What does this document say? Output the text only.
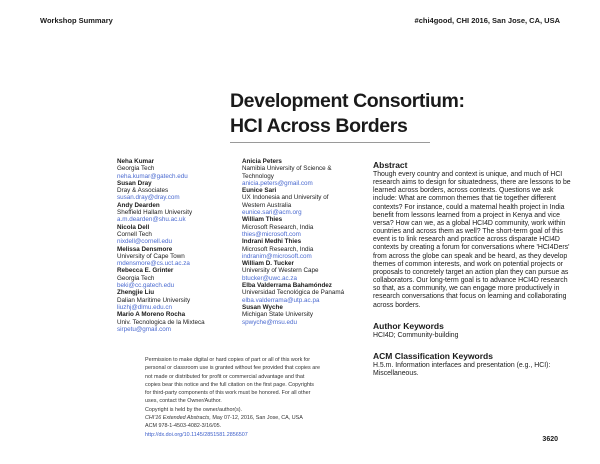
Workshop Summary	#chi4good, CHI 2016, San Jose, CA, USA
Development Consortium:
HCI Across Borders
Neha Kumar
Georgia Tech
neha.kumar@gatech.edu
Susan Dray
Dray & Associates
susan.dray@dray.com
Andy Dearden
Sheffield Hallam University
a.m.dearden@shu.ac.uk
Nicola Dell
Cornell Tech
nixdell@cornell.edu
Melissa Densmore
University of Cape Town
mdensmore@cs.uct.ac.za
Rebecca E. Grinter
Georgia Tech
beki@cc.gatech.edu
Zhengjie Liu
Dalian Maritime University
liuzhj@dlmu.edu.cn
Mario A Moreno Rocha
Univ. Tecnologica de la Mixteca
sirpetu@gmail.com
Anicia Peters
Namibia University of Science &
Technology
anicia.peters@gmail.com
Eunice Sari
UX Indonesia and University of
Western Australia
eunice.sari@acm.org
William Thies
Microsoft Research, India
thies@microsoft.com
Indrani Medhi Thies
Microsoft Research, India
indranim@microsoft.com
William D. Tucker
University of Western Cape
btucker@uwc.ac.za
Elba Valderrama Bahamóndez
Universidad Tecnológica de Panamá
elba.valderrama@utp.ac.pa
Susan Wyche
Michigan State University
spwyche@msu.edu
Permission to make digital or hard copies of part or all of this work for
personal or classroom use is granted without fee provided that copies are
not made or distributed for profit or commercial advantage and that
copies bear this notice and the full citation on the first page. Copyrights
for third-party components of this work must be honored. For all other
uses, contact the Owner/Author.
Copyright is held by the owner/author(s).
CHI'16 Extended Abstracts, May 07-12, 2016, San Jose, CA, USA
ACM 978-1-4503-4082-3/16/05.
http://dx.doi.org/10.1145/2851581.2856507
Abstract
Though every country and context is unique, and much of HCI research aims to design for situatedness, there are lessons to be learned across borders, across contexts. Questions we ask include: What are common themes that tie together different contexts? For instance, could a maternal health project in India benefit from lessons learned from a project in Kenya and vice versa? How can we, as a global HCI4D community, work within countries and across them as well? The short-term goal of this event is to link research and practice across disparate HCI4D contexts by creating a forum for conversations where 'HCI4Ders' from across the globe can speak and be heard, as they develop themes of common interests, and work on potential projects or proposals to concretely target an action plan they can pursue as collaborators. Our long-term goal is to advance HCI4D research so that, as a community, we can engage more productively in research conversations that focus on learning and collaborating across borders.
Author Keywords
HCI4D; Community-building
ACM Classification Keywords
H.5.m. Information interfaces and presentation (e.g., HCI): Miscellaneous.
3620
